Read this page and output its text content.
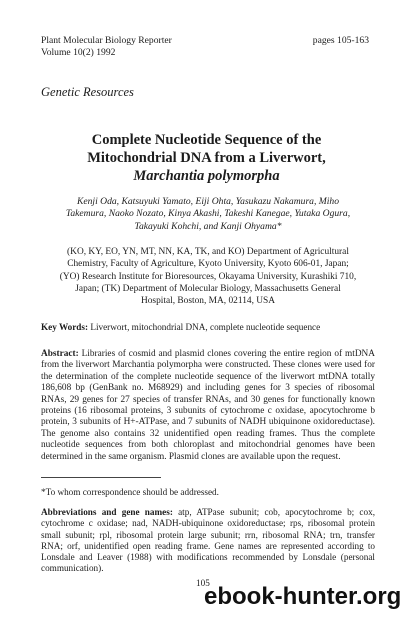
Plant Molecular Biology Reporter
Volume 10(2) 1992
pages 105-163
Genetic Resources
Complete Nucleotide Sequence of the
Mitochondrial DNA from a Liverwort,
Marchantia polymorpha
Kenji Oda, Katsuyuki Yamato, Eiji Ohta, Yasukazu Nakamura, Miho
Takemura, Naoko Nozato, Kinya Akashi, Takeshi Kanegae, Yutaka Ogura,
Takayuki Kohchi, and Kanji Ohyama*
(KO, KY, EO, YN, MT, NN, KA, TK, and KO) Department of Agricultural
Chemistry, Faculty of Agriculture, Kyoto University, Kyoto 606-01, Japan;
(YO) Research Institute for Bioresources, Okayama University, Kurashiki 710,
Japan; (TK) Department of Molecular Biology, Massachusetts General
Hospital, Boston, MA, 02114, USA
Key Words: Liverwort, mitochondrial DNA, complete nucleotide sequence
Abstract: Libraries of cosmid and plasmid clones covering the entire region of mtDNA from the liverwort Marchantia polymorpha were constructed. These clones were used for the determination of the complete nucleotide sequence of the liverwort mtDNA totally 186,608 bp (GenBank no. M68929) and including genes for 3 species of ribosomal RNAs, 29 genes for 27 species of transfer RNAs, and 30 genes for functionally known proteins (16 ribosomal proteins, 3 subunits of cytochrome c oxidase, apocytochrome b protein, 3 subunits of H+-ATPase, and 7 subunits of NADH ubiquinone oxidoreductase). The genome also contains 32 unidentified open reading frames. Thus the complete nucleotide sequences from both chloroplast and mitochondrial genomes have been determined in the same organism. Plasmid clones are available upon the request.
*To whom correspondence should be addressed.
Abbreviations and gene names: atp, ATPase subunit; cob, apocytochrome b; cox, cytochrome c oxidase; nad, NADH-ubiquinone oxidoreductase; rps, ribosomal protein small subunit; rpl, ribosomal protein large subunit; rrn, ribosomal RNA; trn, transfer RNA; orf, unidentified open reading frame. Gene names are represented according to Lonsdale and Leaver (1988) with modifications recommended by Lonsdale (personal communication).
105
ebook-hunter.org
